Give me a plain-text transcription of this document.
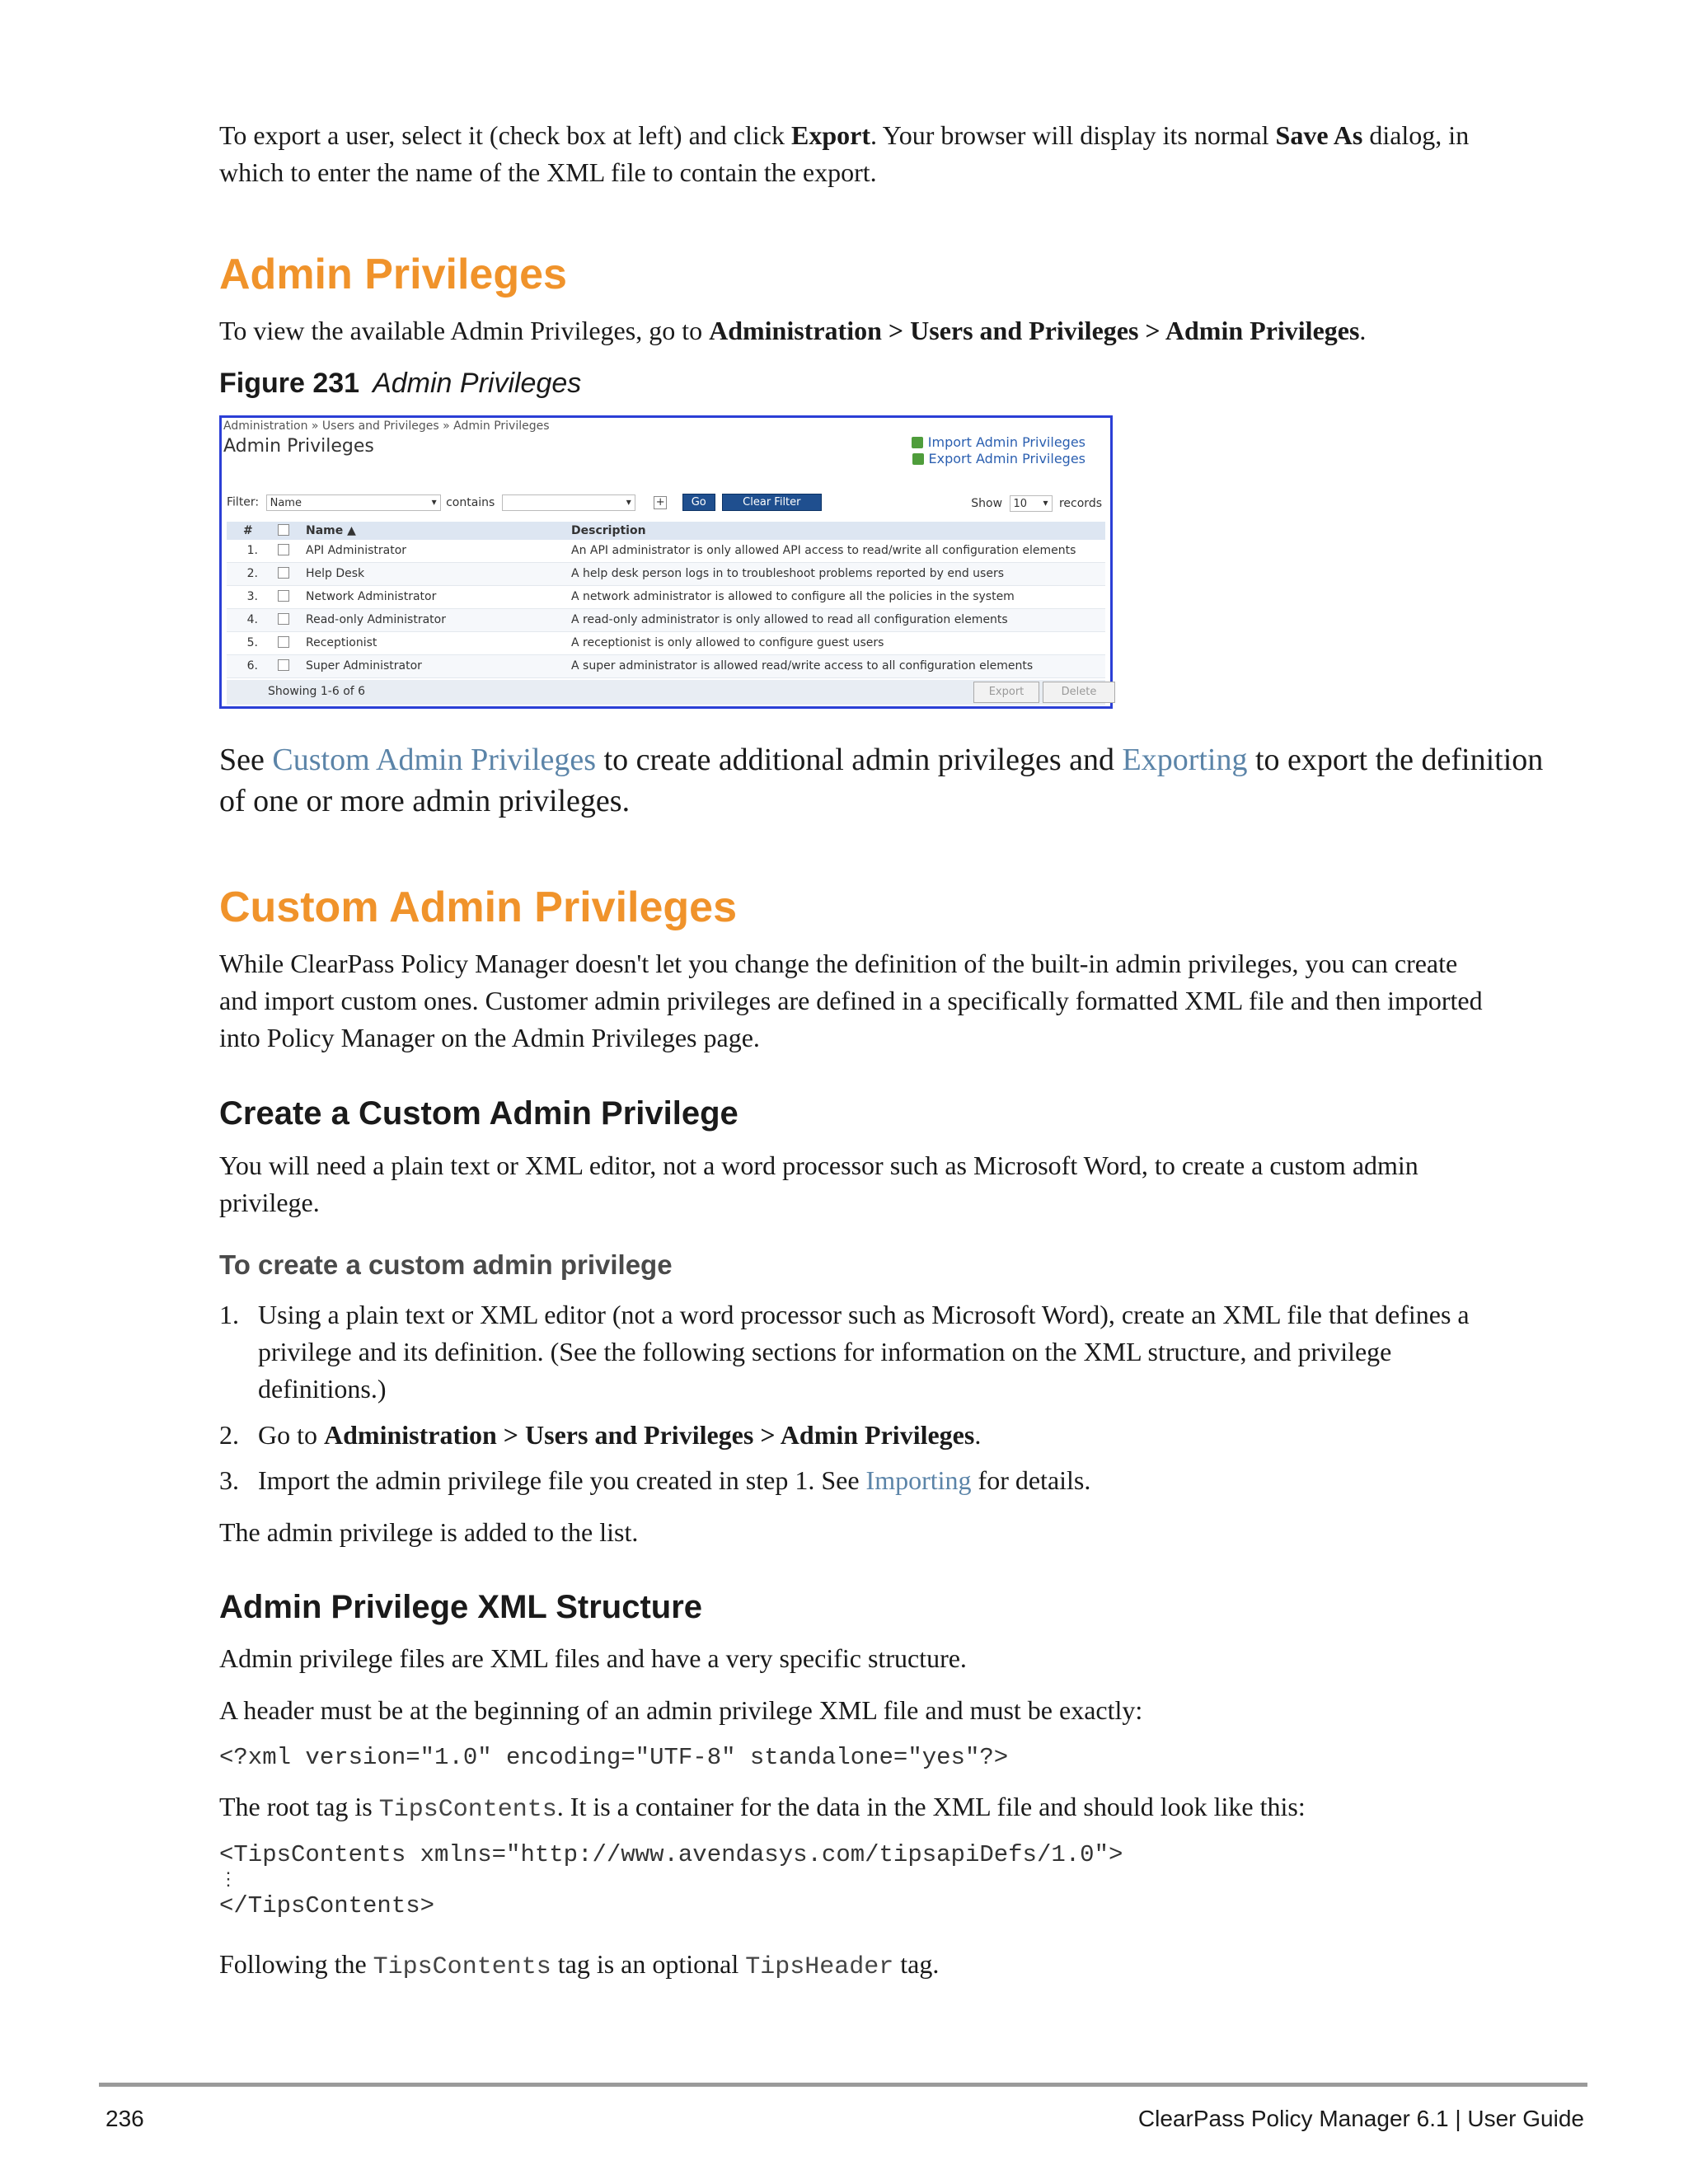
To export a user, select it (check box at left) and click Export. Your browser will display its normal Save As dialog, in
which to enter the name of the XML file to contain the export.

Admin Privileges

To view the available Admin Privileges, go to Administration > Users and Privileges > Admin Privileges.

Figure 231 Admin Privileges

Administration » Users and Privileges » Admin Privileges
Admin Privileges	Import Admin Privileges
Export Admin Privileges
Filter: Name ▾	contains ▾	+ Go	Clear Filter	Show 10 ▾	records
#	Name ▲	Description
1.	API Administrator	An API administrator is only allowed API access to read/write all configuration elements
2.	Help Desk	A help desk person logs in to troubleshoot problems reported by end users
3.	Network Administrator	A network administrator is allowed to configure all the policies in the system
4.	Read-only Administrator	A read-only administrator is only allowed to read all configuration elements
5.	Receptionist	A receptionist is only allowed to configure guest users
6.	Super Administrator	A super administrator is allowed read/write access to all configuration elements
Showing 1-6 of 6	Export	Delete

See Custom Admin Privileges to create additional admin privileges and Exporting to export the definition
of one or more admin privileges.

Custom Admin Privileges

While ClearPass Policy Manager doesn't let you change the definition of the built-in admin privileges, you can create
and import custom ones. Customer admin privileges are defined in a specifically formatted XML file and then imported
into Policy Manager on the Admin Privileges page.

Create a Custom Admin Privilege

You will need a plain text or XML editor, not a word processor such as Microsoft Word, to create a custom admin
privilege.

To create a custom admin privilege
1. Using a plain text or XML editor (not a word processor such as Microsoft Word), create an XML file that defines a
privilege and its definition. (See the following sections for information on the XML structure, and privilege
definitions.)

2. Go to Administration > Users and Privileges > Admin Privileges.

3. Import the admin privilege file you created in step 1. See Importing for details.

The admin privilege is added to the list.

Admin Privilege XML Structure

Admin privilege files are XML files and have a very specific structure.

A header must be at the beginning of an admin privilege XML file and must be exactly:

<?xml version="1.0" encoding="UTF-8" standalone="yes"?>

The root tag is TipsContents. It is a container for the data in the XML file and should look like this:

<TipsContents xmlns="http://www.avendasys.com/tipsapiDefs/1.0">
⋮
</TipsContents>

Following the TipsContents tag is an optional TipsHeader tag.

236	ClearPass Policy Manager 6.1 | User Guide
